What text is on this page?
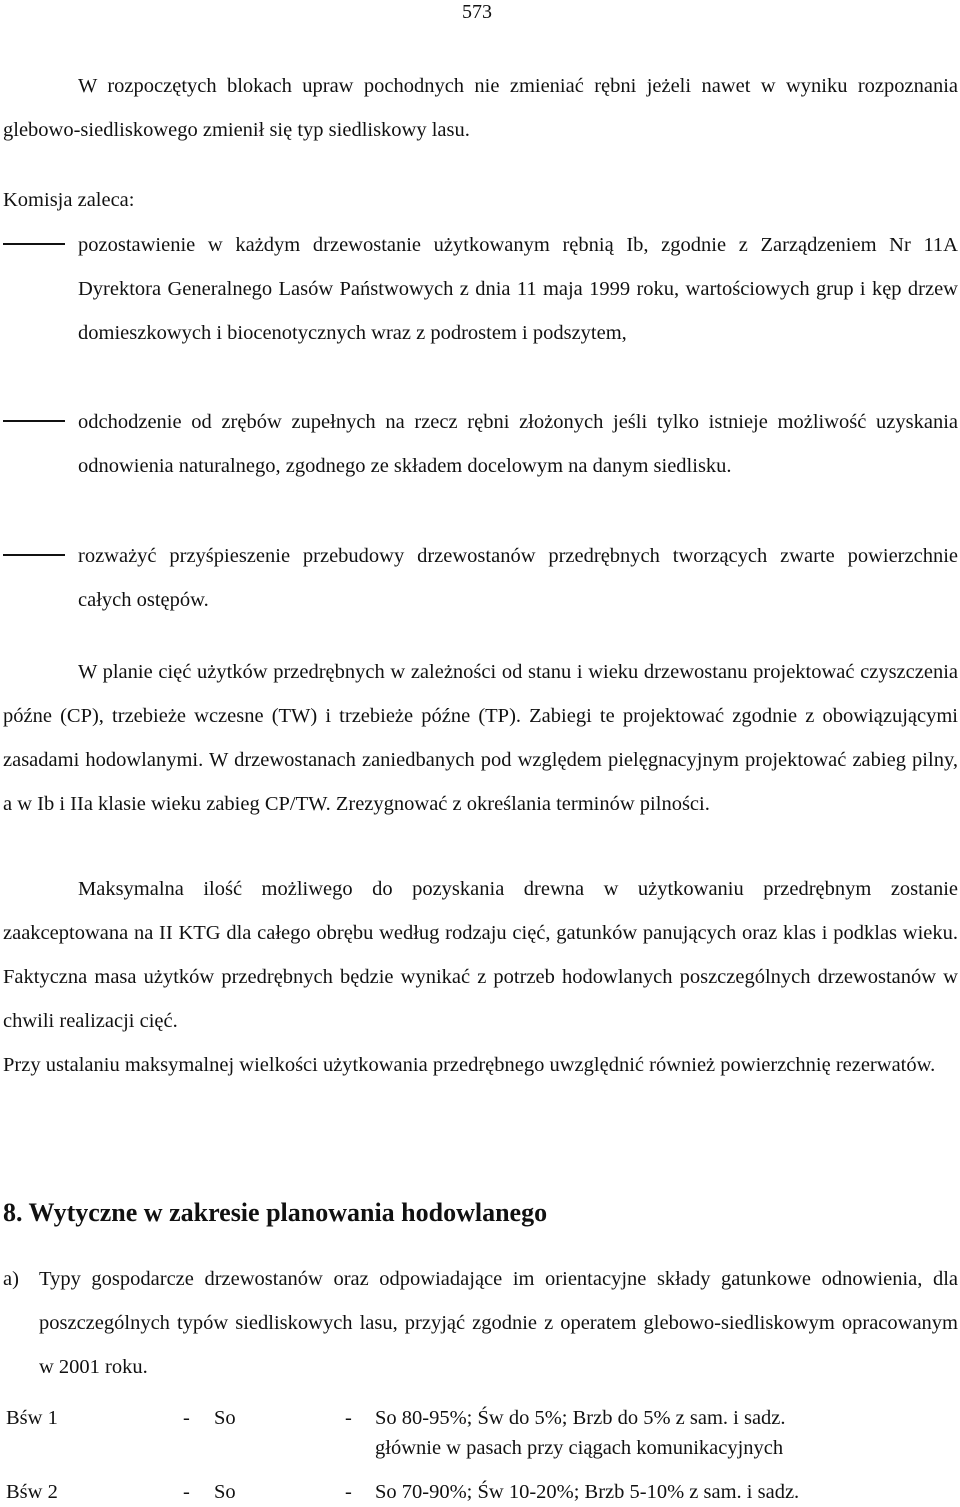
573

W rozpoczętych blokach upraw pochodnych nie zmieniać rębni jeżeli nawet w wyniku rozpoznania glebowo-siedliskowego zmienił się typ siedliskowy lasu.

Komisja zaleca:

pozostawienie w każdym drzewostanie użytkowanym rębnią Ib, zgodnie z Zarządzeniem Nr 11A Dyrektora Generalnego Lasów Państwowych z dnia 11 maja 1999 roku, wartościowych grup i kęp drzew domieszkowych i biocenotycznych wraz z podrostem i podszytem,

odchodzenie od zrębów zupełnych na rzecz rębni złożonych jeśli tylko istnieje możliwość uzyskania odnowienia naturalnego, zgodnego ze składem docelowym na danym siedlisku.

rozważyć przyśpieszenie przebudowy drzewostanów przedrębnych tworzących zwarte powierzchnie całych ostępów.

W planie cięć użytków przedrębnych w zależności od stanu i wieku drzewostanu projektować czyszczenia późne (CP), trzebieże wczesne (TW) i trzebieże późne (TP). Zabiegi te projektować zgodnie z obowiązującymi zasadami hodowlanymi. W drzewostanach zaniedbanych pod względem pielęgnacyjnym projektować zabieg pilny, a w Ib i IIa klasie wieku zabieg CP/TW. Zrezygnować z określania terminów pilności.

Maksymalna ilość możliwego do pozyskania drewna w użytkowaniu przedrębnym zostanie zaakceptowana na II KTG dla całego obrębu według rodzaju cięć, gatunków panujących oraz klas i podklas wieku. Faktyczna masa użytków przedrębnych będzie wynikać z potrzeb hodowlanych poszczególnych drzewostanów w chwili realizacji cięć.

Przy ustalaniu maksymalnej wielkości użytkowania przedrębnego uwzględnić również powierzchnię rezerwatów.

8. Wytyczne w zakresie planowania hodowlanego
a) Typy gospodarcze drzewostanów oraz odpowiadające im orientacyjne składy gatunkowe odnowienia, dla poszczególnych typów siedliskowych lasu, przyjąć zgodnie z operatem glebowo-siedliskowym opracowanym w 2001 roku.

Bśw 1	- So	- So 80-95%; Św do 5%; Brzb do 5% z sam. i sadz.
głównie w pasach przy ciągach komunikacyjnych
Bśw 2	- So	- So 70-90%; Św 10-20%; Brzb 5-10% z sam. i sadz.
